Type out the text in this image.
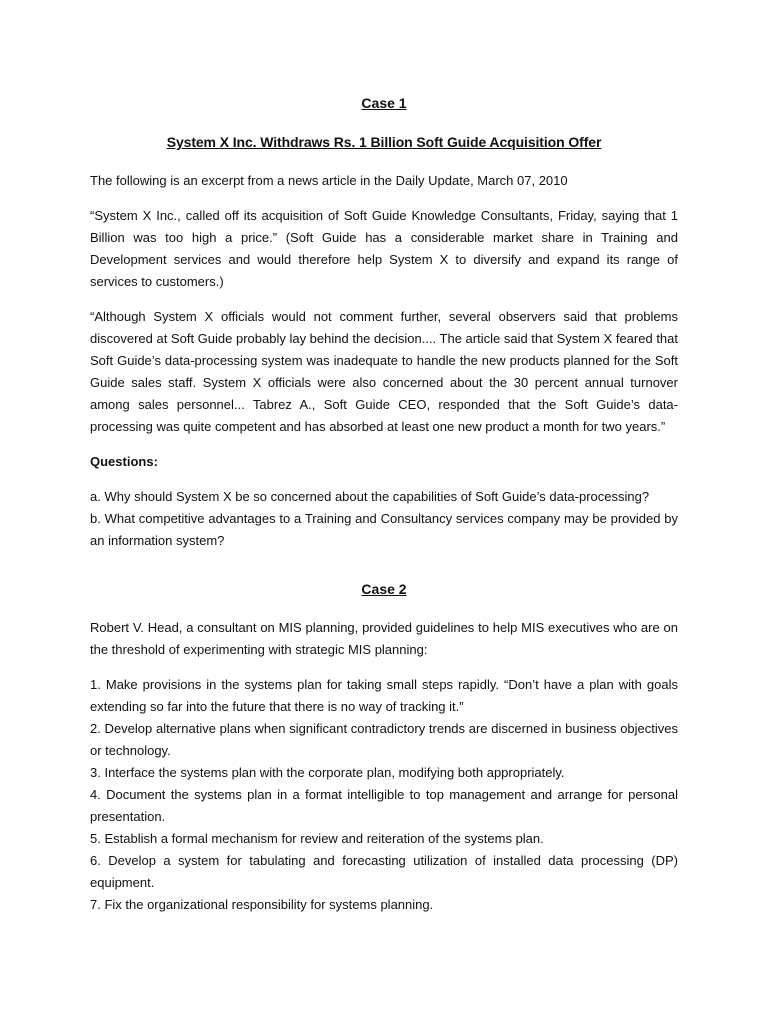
Case 1

System X Inc. Withdraws Rs. 1 Billion Soft Guide Acquisition Offer

The following is an excerpt from a news article in the Daily Update, March 07, 2010

“System X Inc., called off its acquisition of Soft Guide Knowledge Consultants, Friday, saying that 1 Billion was too high a price.” (Soft Guide has a considerable market share in Training and Development services and would therefore help System X to diversify and expand its range of services to customers.)

“Although System X officials would not comment further, several observers said that problems discovered at Soft Guide probably lay behind the decision.... The article said that System X feared that Soft Guide’s data-processing system was inadequate to handle the new products planned for the Soft Guide sales staff. System X officials were also concerned about the 30 percent annual turnover among sales personnel... Tabrez A., Soft Guide CEO, responded that the Soft Guide’s data-processing was quite competent and has absorbed at least one new product a month for two years.”

Questions:

a. Why should System X be so concerned about the capabilities of Soft Guide’s data-processing?
b. What competitive advantages to a Training and Consultancy services company may be provided by an information system?

Case 2

Robert V. Head, a consultant on MIS planning, provided guidelines to help MIS executives who are on the threshold of experimenting with strategic MIS planning:

1. Make provisions in the systems plan for taking small steps rapidly. “Don’t have a plan with goals extending so far into the future that there is no way of tracking it.”
2. Develop alternative plans when significant contradictory trends are discerned in business objectives or technology.
3. Interface the systems plan with the corporate plan, modifying both appropriately.
4. Document the systems plan in a format intelligible to top management and arrange for personal presentation.
5. Establish a formal mechanism for review and reiteration of the systems plan.
6. Develop a system for tabulating and forecasting utilization of installed data processing (DP) equipment.
7. Fix the organizational responsibility for systems planning.
